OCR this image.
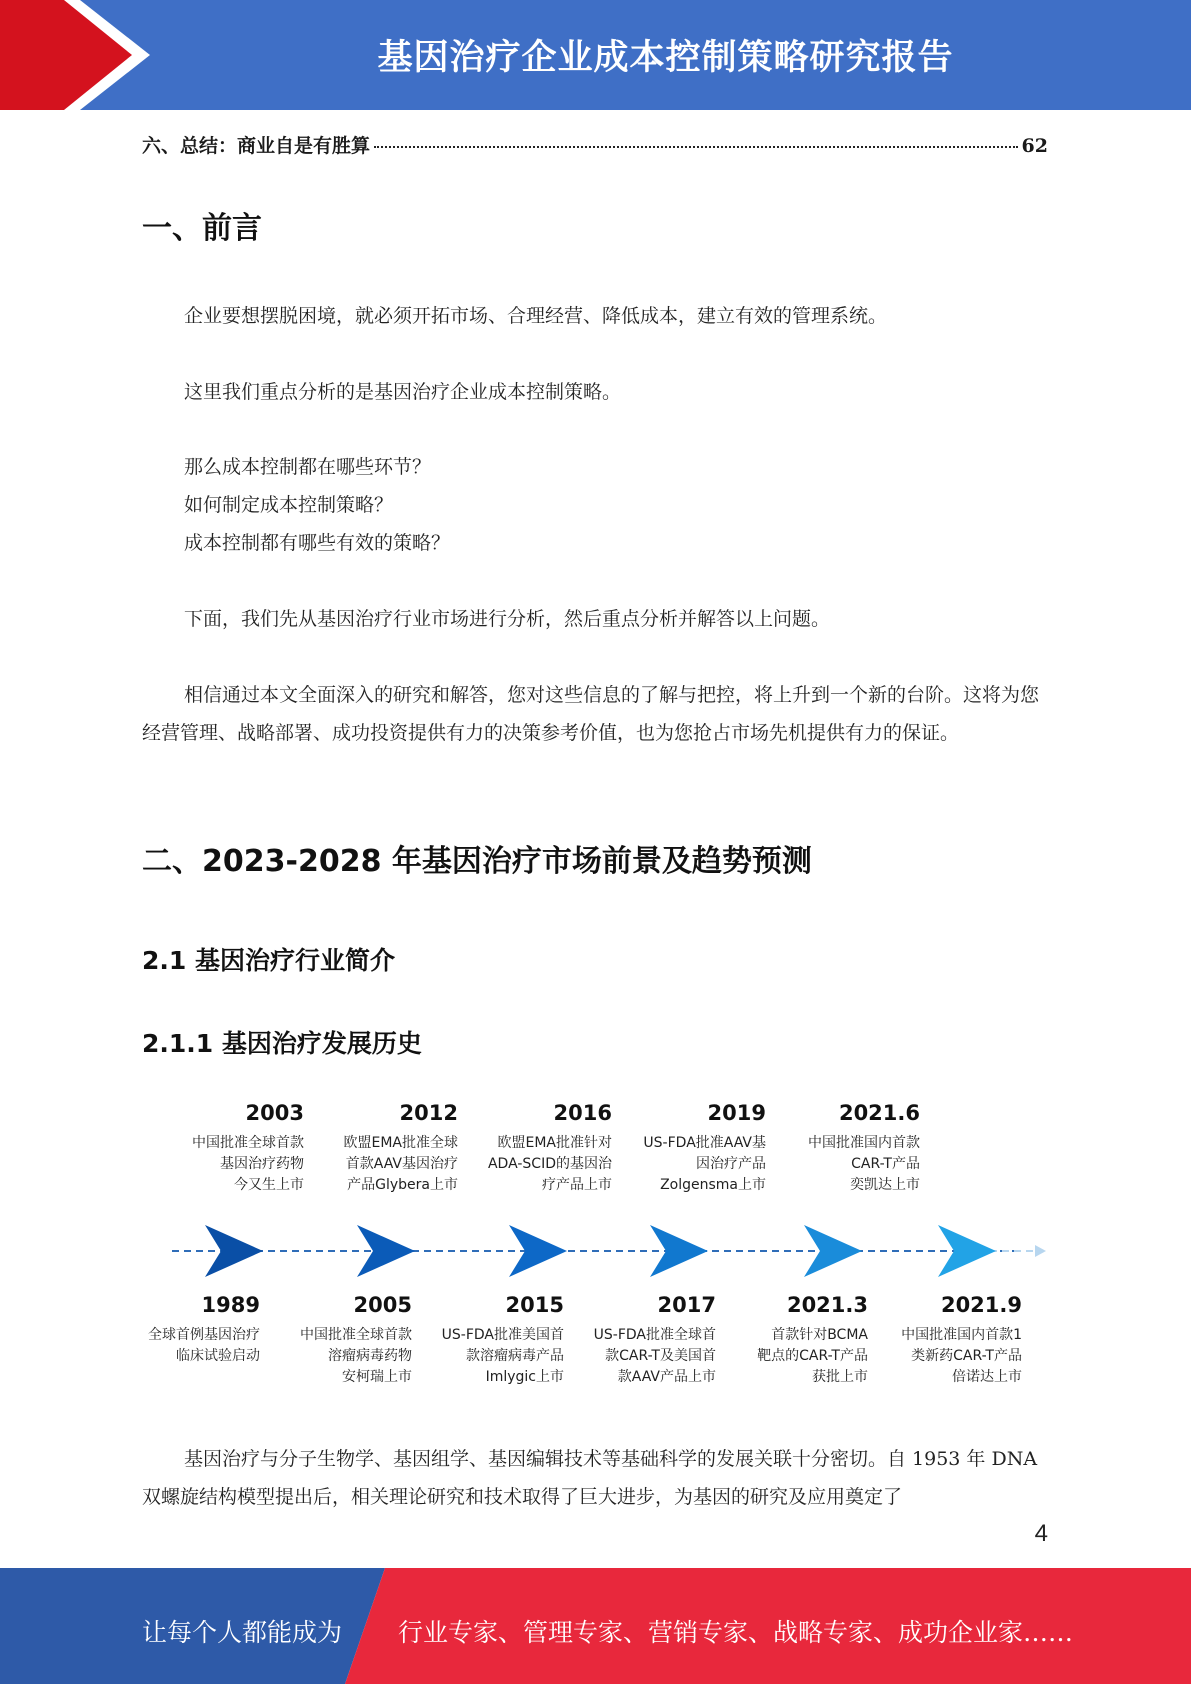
基因治疗企业成本控制策略研究报告
六、总结：商业自是有胜算	62
一、前言

企业要想摆脱困境，就必须开拓市场、合理经营、降低成本，建立有效的管理系统。

这里我们重点分析的是基因治疗企业成本控制策略。

那么成本控制都在哪些环节？

如何制定成本控制策略？

成本控制都有哪些有效的策略？

下面，我们先从基因治疗行业市场进行分析，然后重点分析并解答以上问题。

相信通过本文全面深入的研究和解答，您对这些信息的了解与把控，将上升到一个新的台阶。这将为您经营管理、战略部署、成功投资提供有力的决策参考价值，也为您抢占市场先机提供有力的保证。

二、2023-2028 年基因治疗市场前景及趋势预测
2.1 基因治疗行业简介
2.1.1 基因治疗发展历史
2003
中国批准全球首款
基因治疗药物
今又生上市
2012
欧盟EMA批准全球
首款AAV基因治疗
产品Glybera上市
2016
欧盟EMA批准针对
ADA-SCID的基因治
疗产品上市
2019
US-FDA批准AAV基
因治疗产品
Zolgensma上市
2021.6
中国批准国内首款
CAR-T产品
奕凯达上市
1989
全球首例基因治疗
临床试验启动
2005
中国批准全球首款
溶瘤病毒药物
安柯瑞上市
2015
US-FDA批准美国首
款溶瘤病毒产品
Imlygic上市
2017
US-FDA批准全球首
款CAR-T及美国首
款AAV产品上市
2021.3
首款针对BCMA
靶点的CAR-T产品
获批上市
2021.9
中国批准国内首款1
类新药CAR-T产品
倍诺达上市

基因治疗与分子生物学、基因组学、基因编辑技术等基础科学的发展关联十分密切。自 1953 年 DNA 双螺旋结构模型提出后，相关理论研究和技术取得了巨大进步，为基因的研究及应用奠定了

4
让每个人都能成为 行业专家、管理专家、营销专家、战略专家、成功企业家……
